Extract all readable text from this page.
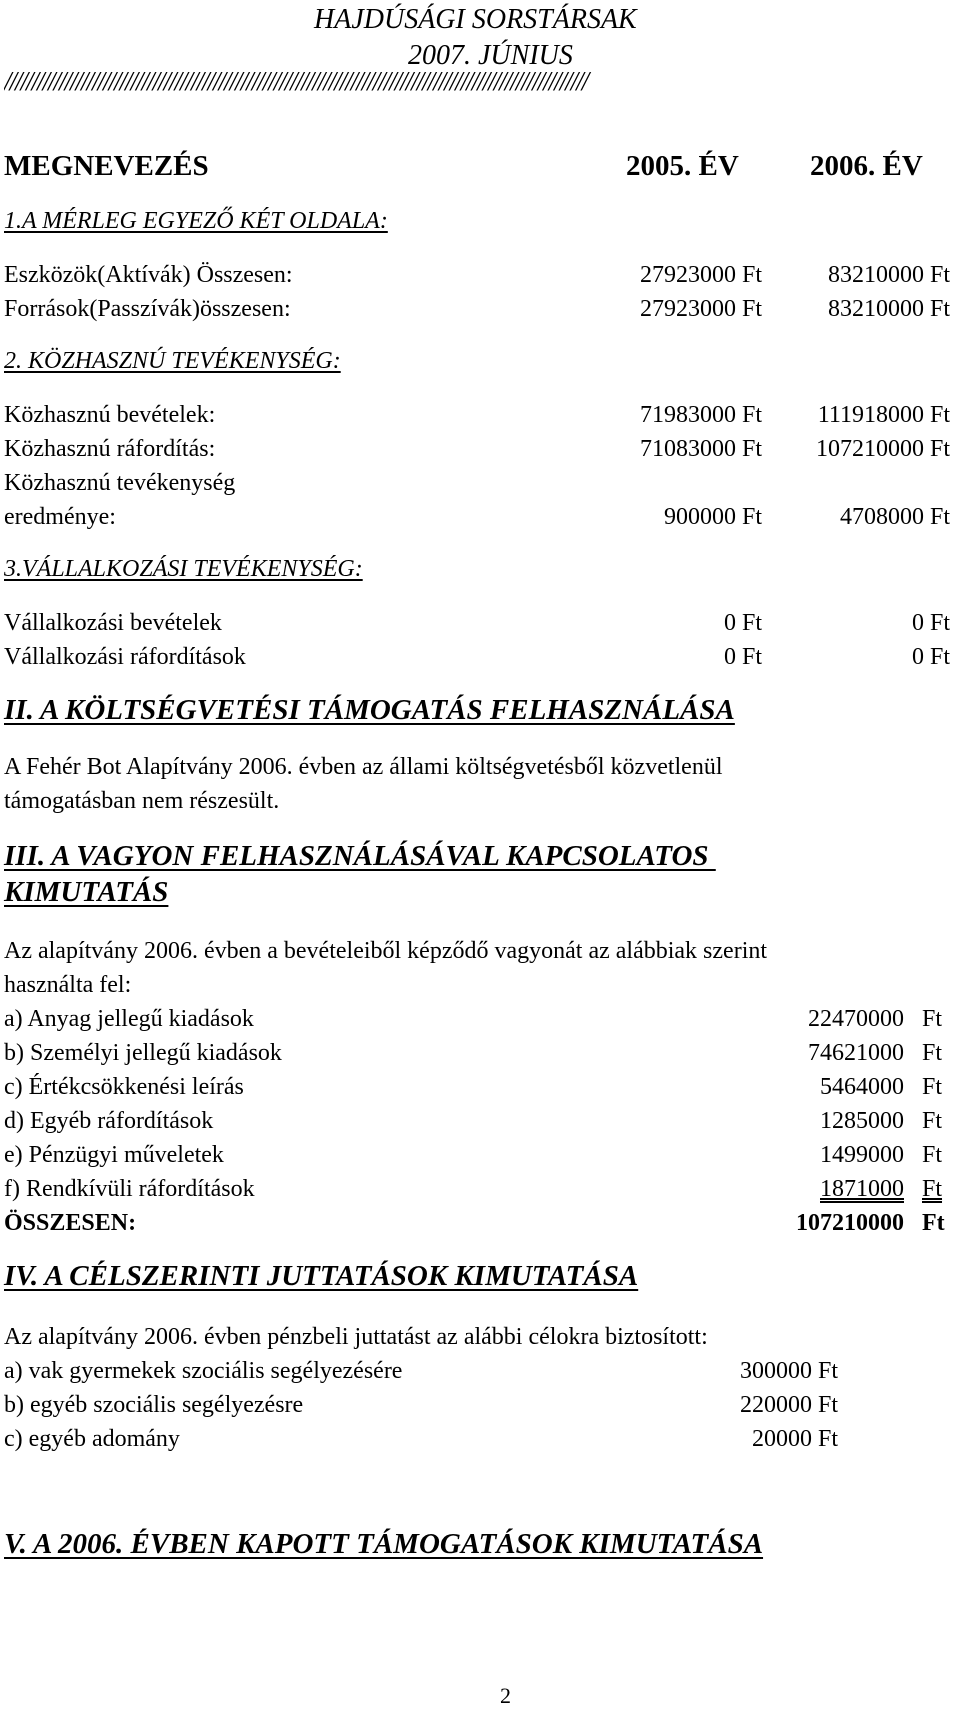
HAJDÚSÁGI SORSTÁRSAK
2007. JÚNIUS
//////////////////////////////////////////////////////////////////////////////////////////////////////////
MEGNEVEZÉS	2005. ÉV 2006. ÉV
1.A MÉRLEG EGYEZŐ KÉT OLDALA:
Eszközök(Aktívák) Összesen:	27923000 Ft	83210000 Ft
Források(Passzívák)összesen:	27923000 Ft	83210000 Ft
2. KÖZHASZNÚ TEVÉKENYSÉG:
Közhasznú bevételek:	71983000 Ft 111918000 Ft
Közhasznú ráfordítás:	71083000 Ft 107210000 Ft
Közhasznú tevékenység
eredménye:	900000 Ft	4708000 Ft
3.VÁLLALKOZÁSI TEVÉKENYSÉG:
Vállalkozási bevételek	0 Ft	0 Ft
Vállalkozási ráfordítások	0 Ft	0 Ft
II. A KÖLTSÉGVETÉSI TÁMOGATÁS FELHASZNÁLÁSA
A Fehér Bot Alapítvány 2006. évben az állami költségvetésből közvetlenül
támogatásban nem részesült.
III. A VAGYON FELHASZNÁLÁSÁVAL KAPCSOLATOS
KIMUTATÁS
Az alapítvány 2006. évben a bevételeiből képződő vagyonát az alábbiak szerint
használta fel:
a) Anyag jellegű kiadások	22470000 Ft
b) Személyi jellegű kiadások	74621000 Ft
c) Értékcsökkenési leírás	5464000 Ft
d) Egyéb ráfordítások	1285000 Ft
e) Pénzügyi műveletek	1499000 Ft
f) Rendkívüli ráfordítások	1871000 Ft
ÖSSZESEN:	107210000 Ft
IV. A CÉLSZERINTI JUTTATÁSOK KIMUTATÁSA
Az alapítvány 2006. évben pénzbeli juttatást az alábbi célokra biztosított:
a) vak gyermekek szociális segélyezésére	300000 Ft
b) egyéb szociális segélyezésre	220000 Ft
c) egyéb adomány	20000 Ft
V. A 2006. ÉVBEN KAPOTT TÁMOGATÁSOK KIMUTATÁSA
2
